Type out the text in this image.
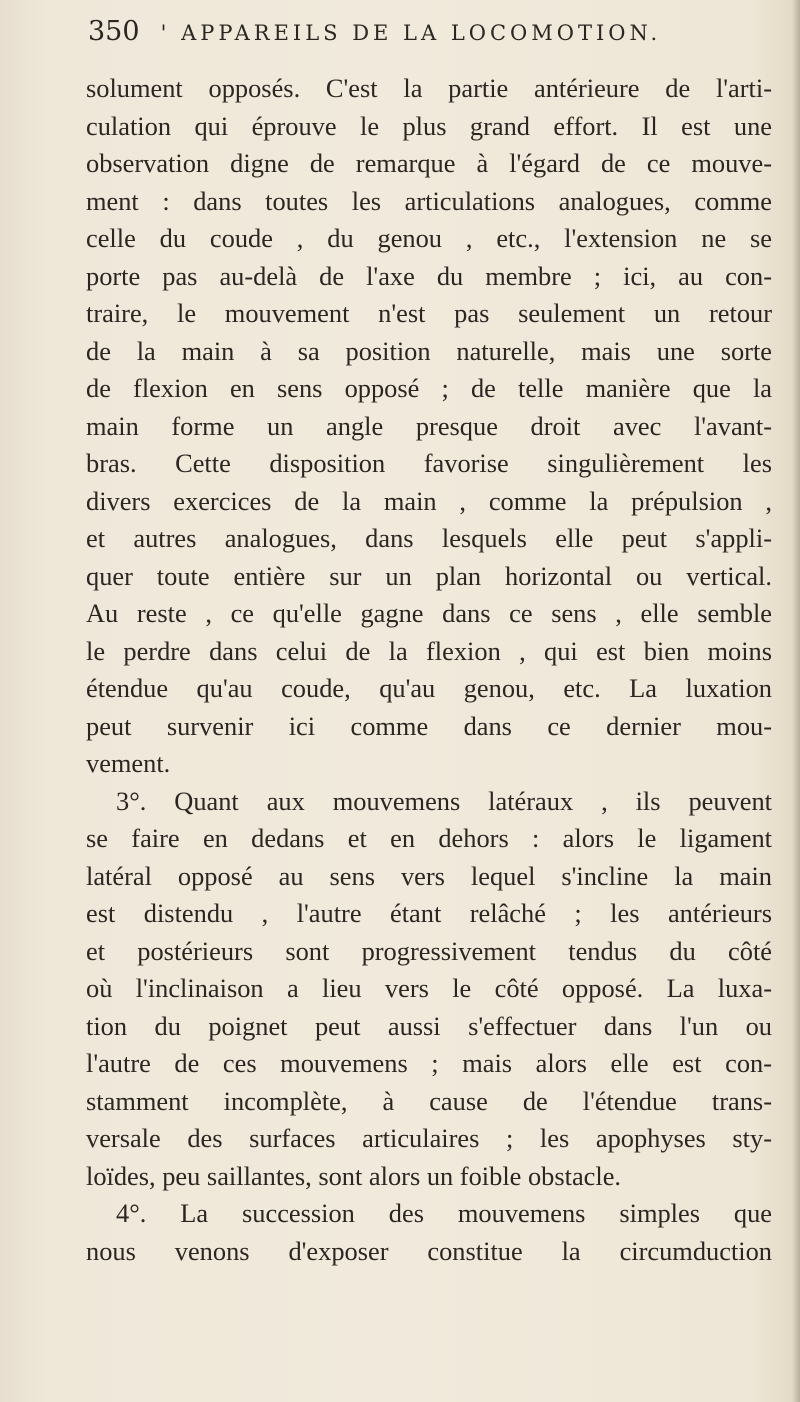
350 ' APPAREILS DE LA LOCOMOTION.
solument opposés. C'est la partie antérieure de l'arti-
culation qui éprouve le plus grand effort. Il est une
observation digne de remarque à l'égard de ce mouve-
ment : dans toutes les articulations analogues, comme
celle du coude , du genou , etc., l'extension ne se
porte pas au-delà de l'axe du membre ; ici, au con-
traire, le mouvement n'est pas seulement un retour
de la main à sa position naturelle, mais une sorte
de flexion en sens opposé ; de telle manière que la
main forme un angle presque droit avec l'avant-
bras. Cette disposition favorise singulièrement les
divers exercices de la main , comme la prépulsion ,
et autres analogues, dans lesquels elle peut s'appli-
quer toute entière sur un plan horizontal ou vertical.
Au reste , ce qu'elle gagne dans ce sens , elle semble
le perdre dans celui de la flexion , qui est bien moins
étendue qu'au coude, qu'au genou, etc. La luxation
peut survenir ici comme dans ce dernier mou-
vement.
3°. Quant aux mouvemens latéraux , ils peuvent
se faire en dedans et en dehors : alors le ligament
latéral opposé au sens vers lequel s'incline la main
est distendu , l'autre étant relâché ; les antérieurs
et postérieurs sont progressivement tendus du côté
où l'inclinaison a lieu vers le côté opposé. La luxa-
tion du poignet peut aussi s'effectuer dans l'un ou
l'autre de ces mouvemens ; mais alors elle est con-
stamment incomplète, à cause de l'étendue trans-
versale des surfaces articulaires ; les apophyses sty-
loïdes, peu saillantes, sont alors un foible obstacle.
4°. La succession des mouvemens simples que
nous venons d'exposer constitue la circumduction
